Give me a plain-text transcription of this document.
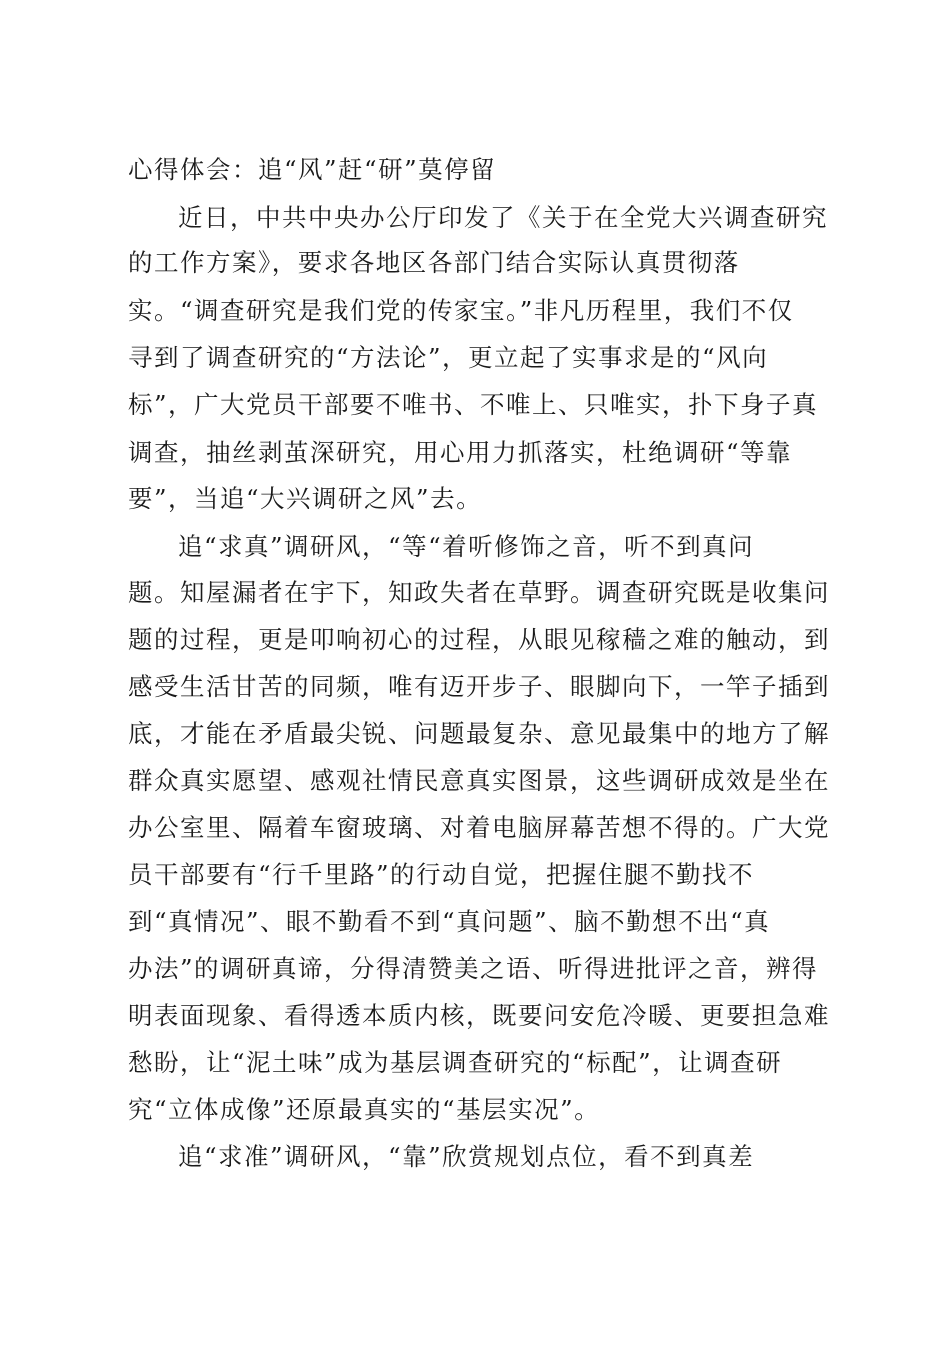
心得体会：追“风”赶“研”莫停留
近日，中共中央办公厅印发了《关于在全党大兴调查研究
的工作方案》，要求各地区各部门结合实际认真贯彻落
实。“调查研究是我们党的传家宝。”非凡历程里，我们不仅
寻到了调查研究的“方法论”，更立起了实事求是的“风向
标”，广大党员干部要不唯书、不唯上、只唯实，扑下身子真
调查，抽丝剥茧深研究，用心用力抓落实，杜绝调研“等靠
要”，当追“大兴调研之风”去。
追“求真”调研风，“等“着听修饰之音，听不到真问
题。知屋漏者在宇下，知政失者在草野。调查研究既是收集问
题的过程，更是叩响初心的过程，从眼见稼穑之难的触动，到
感受生活甘苦的同频，唯有迈开步子、眼脚向下，一竿子插到
底，才能在矛盾最尖锐、问题最复杂、意见最集中的地方了解
群众真实愿望、感观社情民意真实图景，这些调研成效是坐在
办公室里、隔着车窗玻璃、对着电脑屏幕苦想不得的。广大党
员干部要有“行千里路”的行动自觉，把握住腿不勤找不
到“真情况”、眼不勤看不到“真问题”、脑不勤想不出“真
办法”的调研真谛，分得清赞美之语、听得进批评之音，辨得
明表面现象、看得透本质内核，既要问安危冷暖、更要担急难
愁盼，让“泥土味”成为基层调查研究的“标配”，让调查研
究“立体成像”还原最真实的“基层实况”。
追“求准”调研风，“靠”欣赏规划点位，看不到真差
